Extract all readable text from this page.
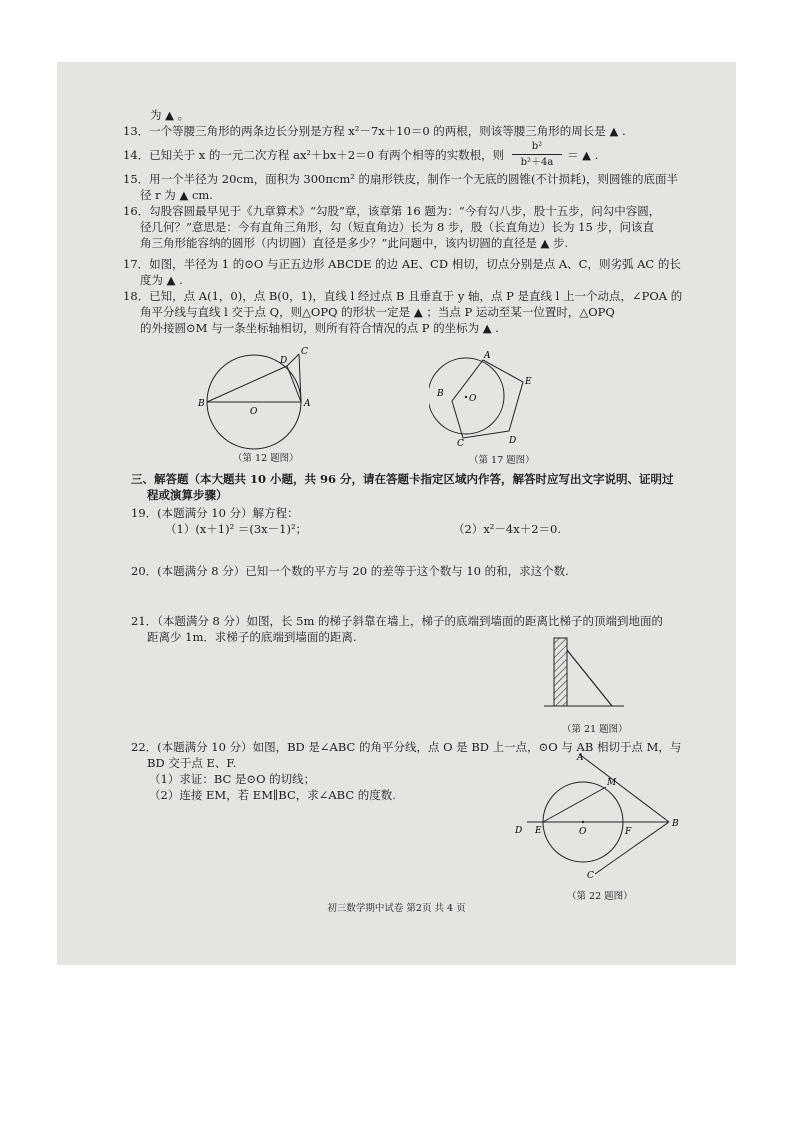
为 ▲ 。
13．一个等腰三角形的两条边长分别是方程 x²－7x＋10＝0 的两根，则该等腰三角形的周长是 ▲ .
14．已知关于 x 的一元二次方程 ax²＋bx＋2＝0 有两个相等的实数根，则
b²
b²＋4a
＝ ▲ .
15．用一个半径为 20cm，面积为 300πcm² 的扇形铁皮，制作一个无底的圆锥(不计损耗)，则圆锥的底面半
径 r 为 ▲ cm.
16．勾股容圆最早见于《九章算术》“勾股”章，该章第 16 题为：“今有勾八步，股十五步，问勾中容圆，
径几何？”意思是：今有直角三角形，勾（短直角边）长为 8 步，股（长直角边）长为 15 步，问该直
角三角形能容纳的圆形（内切圆）直径是多少？”此问题中，该内切圆的直径是 ▲ 步.
17．如图，半径为 1 的⊙O 与正五边形 ABCDE 的边 AE、CD 相切，切点分别是点 A、C，则劣弧 AC 的长
度为 ▲ .
18．已知，点 A(1，0)，点 B(0，1)，直线 l 经过点 B 且垂直于 y 轴，点 P 是直线 l 上一个动点，∠POA 的
角平分线与直线 l 交于点 Q，则△OPQ 的形状一定是 ▲ ；当点 P 运动至某一位置时，△OPQ
的外接圆⊙M 与一条坐标轴相切，则所有符合情况的点 P 的坐标为 ▲ .
B	A
D
C
O
（第 12 题图）
A
E
D
C
B	O
（第 17 题图）
三、解答题（本大题共 10 小题，共 96 分，请在答题卡指定区域内作答，解答时应写出文字说明、证明过
程或演算步骤）
19．(本题满分 10 分）解方程：
（1）(x＋1)² ＝(3x－1)²；	（2）x²－4x＋2＝0.
20．(本题满分 8 分）已知一个数的平方与 20 的差等于这个数与 10 的和，求这个数.
21．（本题满分 8 分）如图，长 5m 的梯子斜靠在墙上，梯子的底端到墙面的距离比梯子的顶端到地面的
距离少 1m．求梯子的底端到墙面的距离.
（第 21 题图）
22．(本题满分 10 分）如图，BD 是∠ABC 的角平分线，点 O 是 BD 上一点，⊙O 与 AB 相切于点 M，与
BD 交于点 E、F.
（1）求证：BC 是⊙O 的切线；
（2）连接 EM，若 EM∥BC，求∠ABC 的度数.
A
M
D E	O	F
B
C
（第 22 题图）
初三数学期中试卷 第2页 共 4 页
